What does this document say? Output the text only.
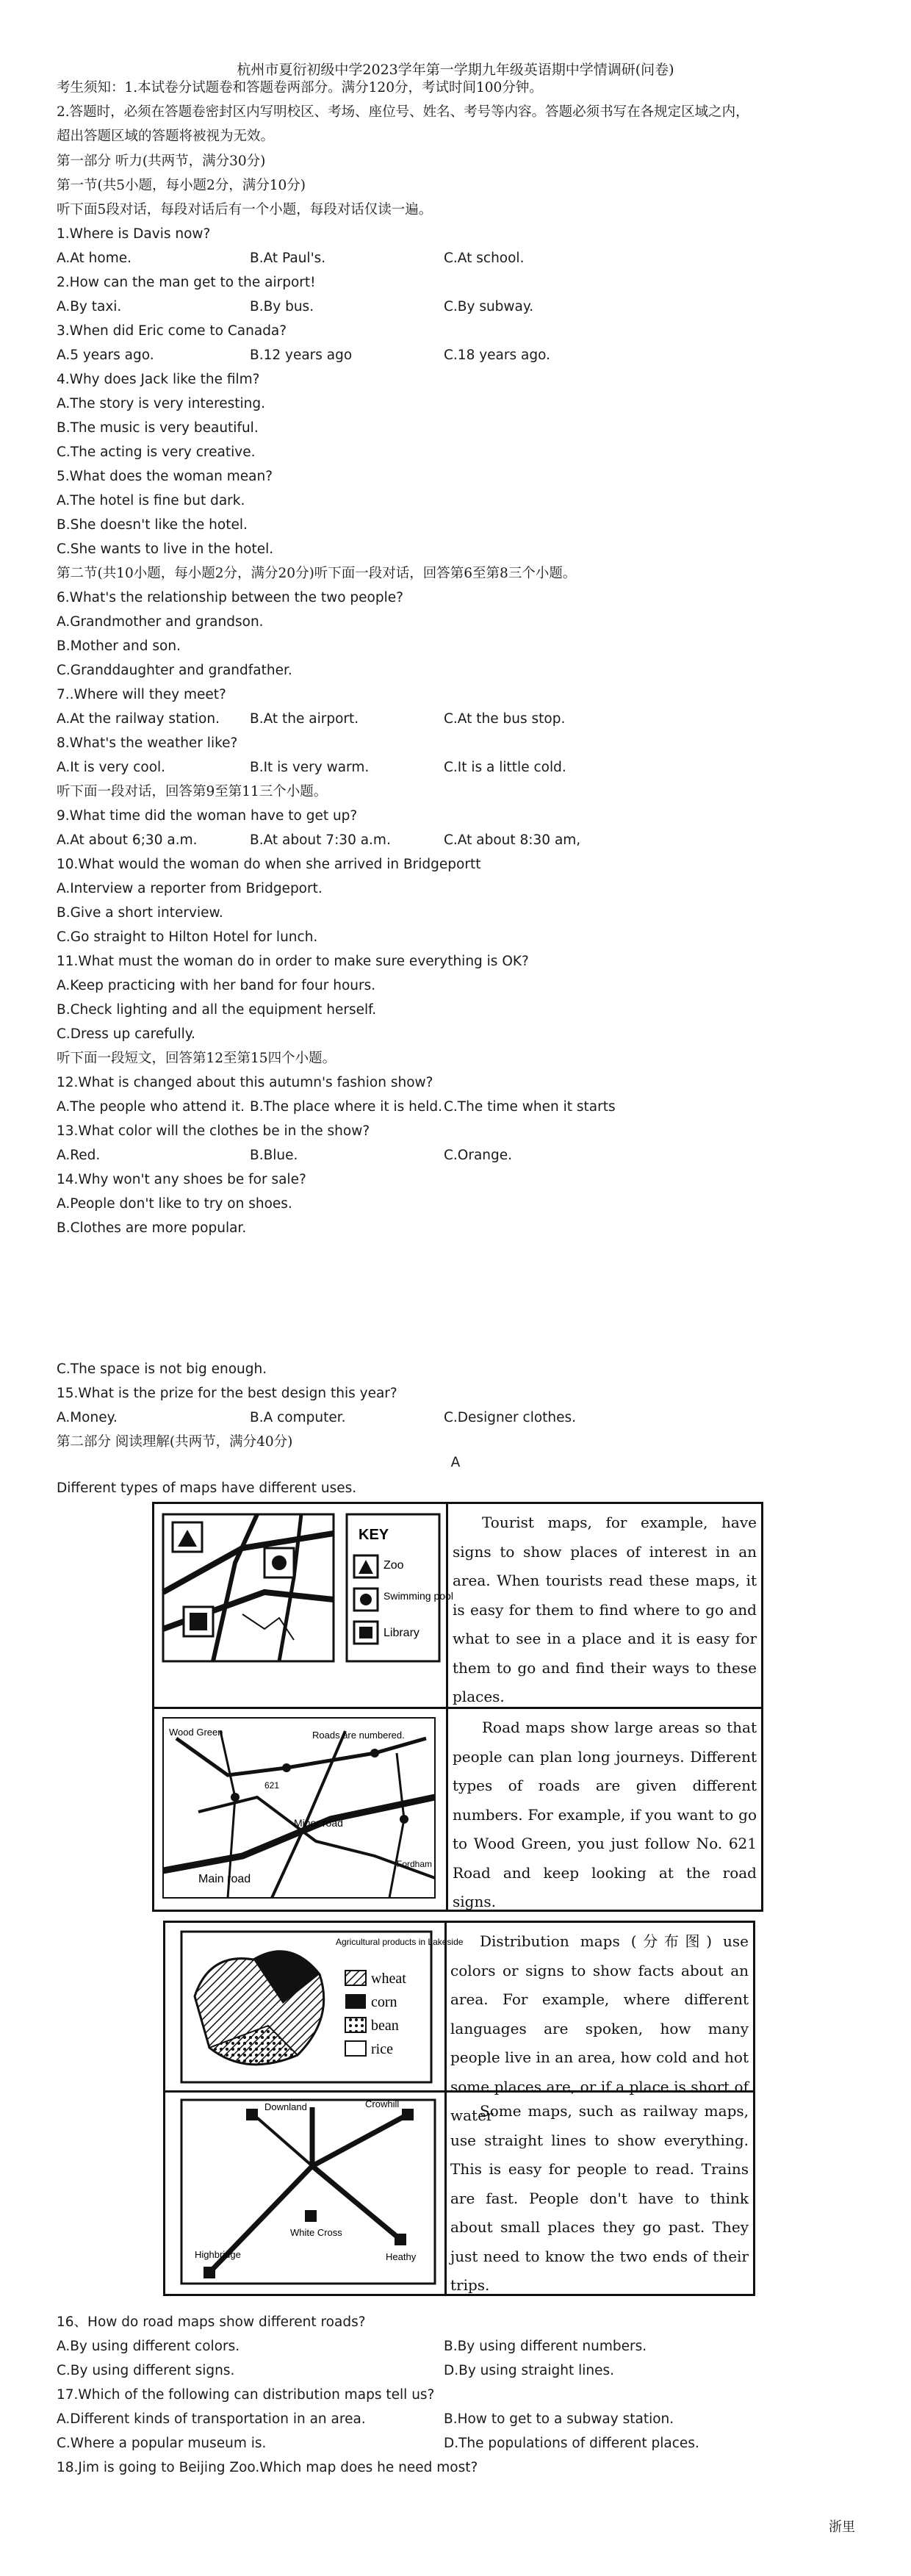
杭州市夏衍初级中学2023学年第一学期九年级英语期中学情调研(问卷)
考生须知：1.本试卷分试题卷和答题卷两部分。满分120分，考试时间100分钟。
2.答题时，必须在答题卷密封区内写明校区、考场、座位号、姓名、考号等内容。答题必须书写在各规定区域之内，
超出答题区域的答题将被视为无效。
第一部分 听力(共两节，满分30分)
第一节(共5小题，每小题2分，满分10分)
听下面5段对话，每段对话后有一个小题，每段对话仅读一遍。
1.Where is Davis now?
A.At home.	B.At Paul's.	C.At school.
2.How can the man get to the airport!
A.By taxi.	B.By bus.	C.By subway.
3.When did Eric come to Canada?
A.5 years ago.	B.12 years ago	C.18 years ago.
4.Why does Jack like the film?
A.The story is very interesting.
B.The music is very beautiful.
C.The acting is very creative.
5.What does the woman mean?
A.The hotel is fine but dark.
B.She doesn't like the hotel.
C.She wants to live in the hotel.
第二节(共10小题，每小题2分，满分20分)听下面一段对话，回答第6至第8三个小题。
6.What's the relationship between the two people?
A.Grandmother and grandson.
B.Mother and son.
C.Granddaughter and grandfather.
7..Where will they meet?
A.At the railway station. B.At the airport.	C.At the bus stop.
8.What's the weather like?
A.It is very cool.	B.It is very warm.	C.It is a little cold.
听下面一段对话，回答第9至第11三个小题。
9.What time did the woman have to get up?
A.At about 6;30 a.m.	B.At about 7:30 a.m.	C.At about 8:30 am,
10.What would the woman do when she arrived in Bridgeportt
A.Interview a reporter from Bridgeport.
B.Give a short interview.
C.Go straight to Hilton Hotel for lunch.
11.What must the woman do in order to make sure everything is OK?
A.Keep practicing with her band for four hours.
B.Check lighting and all the equipment herself.
C.Dress up carefully.
听下面一段短文，回答第12至第15四个小题。
12.What is changed about this autumn's fashion show?
A.The people who attend it. B.The place where it is held. C.The time when it starts
13.What color will the clothes be in the show?
A.Red.	B.Blue.	C.Orange.
14.Why won't any shoes be for sale?
A.People don't like to try on shoes.
B.Clothes are more popular.
C.The space is not big enough.
15.What is the prize for the best design this year?
A.Money.	B.A computer.	C.Designer clothes.
第二部分 阅读理解(共两节，满分40分)
A
Different types of maps have different uses.
KEY
Zoo
Swimming pool
Library
Tourist maps, for example, have signs to show places of interest in an area. When tourists read these maps, it is easy for them to find where to go and what to see in a place and it is easy for them to go and find their ways to these places.
Wood Green	Roads are numbered.
621
Minor road
Main road
Fordham
Road maps show large areas so that people can plan long journeys. Different types of roads are given different numbers. For example, if you want to go to Wood Green, you just follow No. 621 Road and keep looking at the road signs.
Agricultural products in Lakeside
wheat
corn
bean
rice
Distribution maps (分布图) use colors or signs to show facts about an area. For example, where different languages are spoken, how many people live in an area, how cold and hot some places are, or if a place is short of water
Downland	Crowhill
White Cross
Heathy
Highbridge
Some maps, such as railway maps, use straight lines to show everything. This is easy for people to read. Trains are fast. People don't have to think about small places they go past. They just need to know the two ends of their trips.
16、How do road maps show different roads?
A.By using different colors.	B.By using different numbers.
C.By using different signs.	D.By using straight lines.
17.Which of the following can distribution maps tell us?
A.Different kinds of transportation in an area.	B.How to get to a subway station.
C.Where a popular museum is.	D.The populations of different places.
18.Jim is going to Beijing Zoo.Which map does he need most?
浙里
